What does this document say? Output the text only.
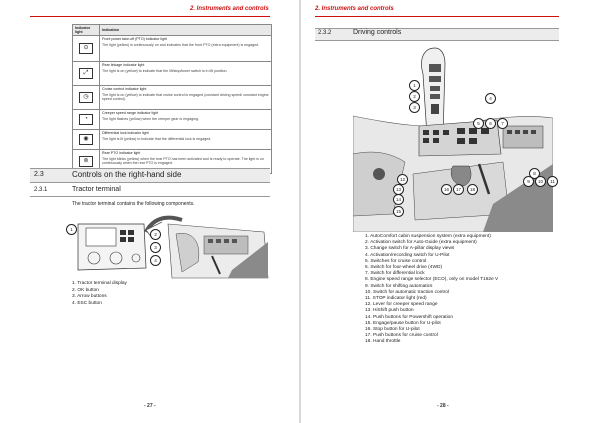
2. Instruments and controls
Indicator light	Indication
⊙	Front power take-off (PTO) indicator light
The light (yellow) is continuously on and indicates that the front PTO (extra equipment) is engaged.

⤢	Rear linkage indicator light
The light is on (yellow) to indicate that the lift/stop/lower switch is in lift position.

◷	Cruise control indicator light
The light is on (yellow) to indicate that cruise control is engaged (constant driving speed/ constant engine speed control).

◔	Creeper speed range indicator light
The light flashes (yellow) when the creeper gear is engaging.

◉	Differential lock indicator light
The light is lit (yellow) to indicate that the differential lock is engaged.

⊚	Rear PTO indicator light
The light blinks (yellow) when the rear PTO has been activated and is ready to operate. The light is on continuously when the rear PTO is engaged.
2.3	Controls on the right-hand side
2.3.1	Tractor terminal
The tractor terminal contains the following components.
1
2
3
4
1. Tractor terminal display
2. OK button
3. Arrow buttons
4. ESC button
- 27 -
2. Instruments and controls
2.3.2	Driving controls
1
2
3
4
5	6	7
8
9	10	11
12
13
14
15
16	17	18
1. AutoComfort cabin suspension system (extra equipment)
2. Activation switch for Auto-Guide (extra equipment)
3. Change switch for A-pillar display views
4. Activation/recording switch for U-Pilot
5. Switches for cruise control
6. Switch for four-wheel drive (4WD)
7. Switch for differential lock
8. Engine speed range selector (ECO), only on model T162e V
9. Switch for shifting automatics
10. Switch for automatic traction control
11. STOP indicator light (red)
12. Lever for creeper speed range
13. HiShift push button
14. Push buttons for Powershift operation
15. Engage/pause button for U-pilot
16. Stop button for U-pilot
17. Push buttons for cruise control
18. Hand throttle
- 28 -
